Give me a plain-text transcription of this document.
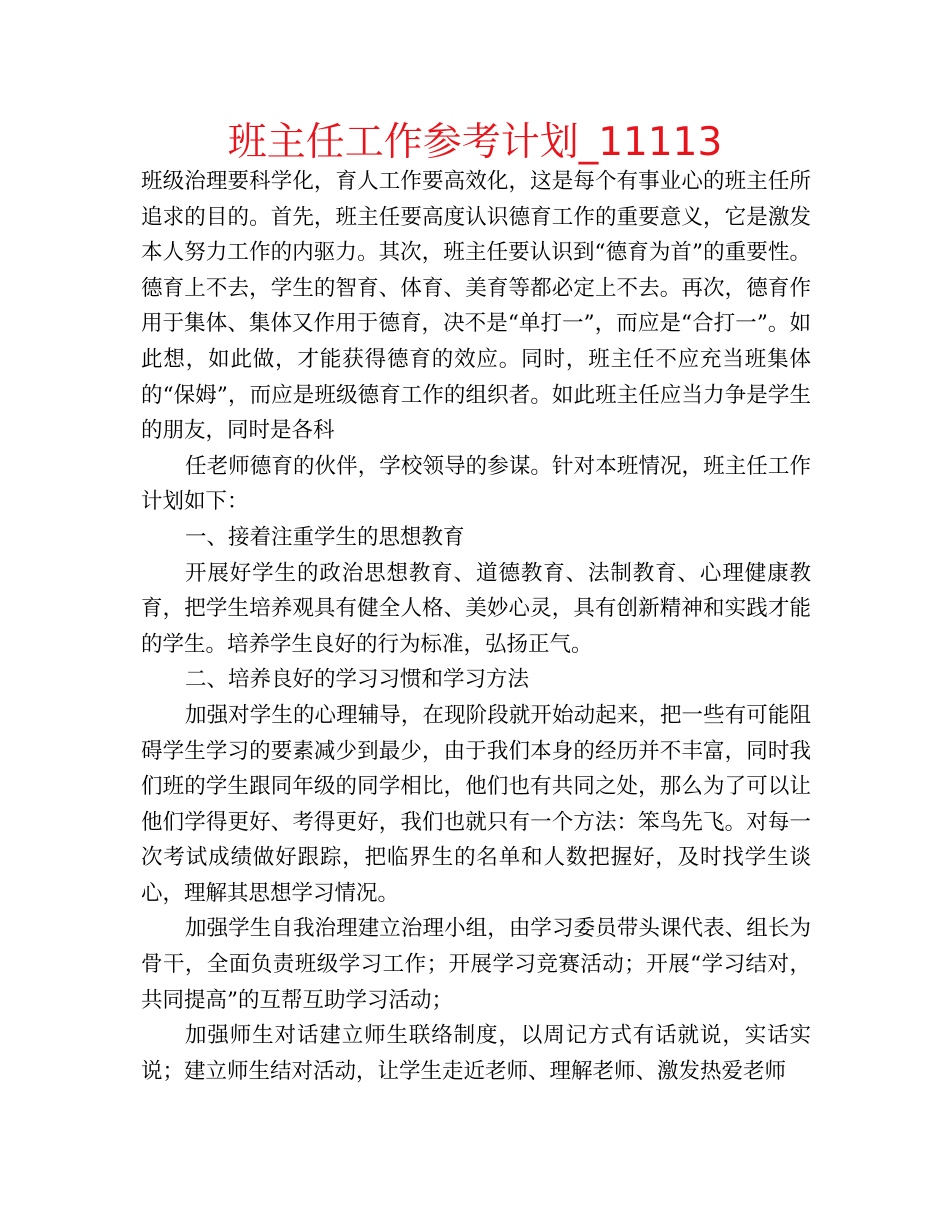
班主任工作参考计划_11113

班级治理要科学化，育人工作要高效化，这是每个有事业心的班主任所追求的目的。首先，班主任要高度认识德育工作的重要意义，它是激发本人努力工作的内驱力。其次，班主任要认识到“德育为首”的重要性。德育上不去，学生的智育、体育、美育等都必定上不去。再次，德育作用于集体、集体又作用于德育，决不是“单打一”，而应是“合打一”。如此想，如此做，才能获得德育的效应。同时，班主任不应充当班集体的“保姆”，而应是班级德育工作的组织者。如此班主任应当力争是学生的朋友，同时是各科

任老师德育的伙伴，学校领导的参谋。针对本班情况，班主任工作计划如下：

一、接着注重学生的思想教育

开展好学生的政治思想教育、道德教育、法制教育、心理健康教育，把学生培养观具有健全人格、美妙心灵，具有创新精神和实践才能的学生。培养学生良好的行为标准，弘扬正气。

二、培养良好的学习习惯和学习方法

加强对学生的心理辅导，在现阶段就开始动起来，把一些有可能阻碍学生学习的要素减少到最少，由于我们本身的经历并不丰富，同时我们班的学生跟同年级的同学相比，他们也有共同之处，那么为了可以让他们学得更好、考得更好，我们也就只有一个方法：笨鸟先飞。对每一次考试成绩做好跟踪，把临界生的名单和人数把握好，及时找学生谈心，理解其思想学习情况。

加强学生自我治理建立治理小组，由学习委员带头课代表、组长为骨干，全面负责班级学习工作；开展学习竞赛活动；开展“学习结对，共同提高”的互帮互助学习活动；

加强师生对话建立师生联络制度，以周记方式有话就说，实话实说；建立师生结对活动，让学生走近老师、理解老师、激发热爱老师
